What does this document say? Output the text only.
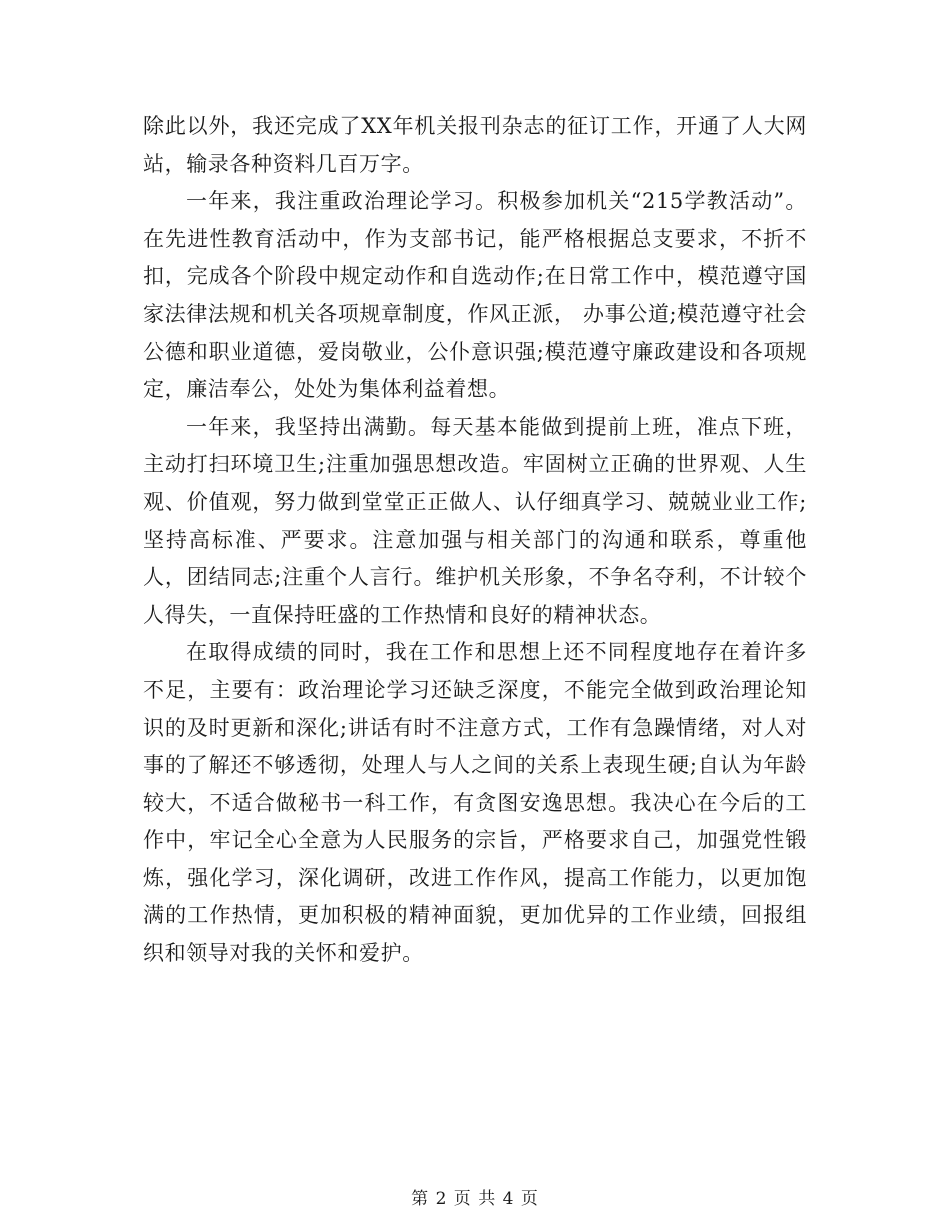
除此以外，我还完成了XX年机关报刊杂志的征订工作，开通了人大网站，输录各种资料几百万字。

一年来，我注重政治理论学习。积极参加机关“215学教活动”。在先进性教育活动中，作为支部书记，能严格根据总支要求，不折不扣，完成各个阶段中规定动作和自选动作;在日常工作中，模范遵守国家法律法规和机关各项规章制度，作风正派， 办事公道;模范遵守社会公德和职业道德，爱岗敬业，公仆意识强;模范遵守廉政建设和各项规定，廉洁奉公，处处为集体利益着想。

一年来，我坚持出满勤。每天基本能做到提前上班，准点下班，主动打扫环境卫生;注重加强思想改造。牢固树立正确的世界观、人生观、价值观，努力做到堂堂正正做人、认仔细真学习、兢兢业业工作;坚持高标准、严要求。注意加强与相关部门的沟通和联系，尊重他人，团结同志;注重个人言行。维护机关形象，不争名夺利，不计较个人得失，一直保持旺盛的工作热情和良好的精神状态。

在取得成绩的同时，我在工作和思想上还不同程度地存在着许多不足，主要有：政治理论学习还缺乏深度，不能完全做到政治理论知识的及时更新和深化;讲话有时不注意方式，工作有急躁情绪，对人对事的了解还不够透彻，处理人与人之间的关系上表现生硬;自认为年龄较大，不适合做秘书一科工作，有贪图安逸思想。我决心在今后的工作中，牢记全心全意为人民服务的宗旨，严格要求自己，加强党性锻炼，强化学习，深化调研，改进工作作风，提高工作能力，以更加饱满的工作热情，更加积极的精神面貌，更加优异的工作业绩，回报组织和领导对我的关怀和爱护。

第 2 页 共 4 页
